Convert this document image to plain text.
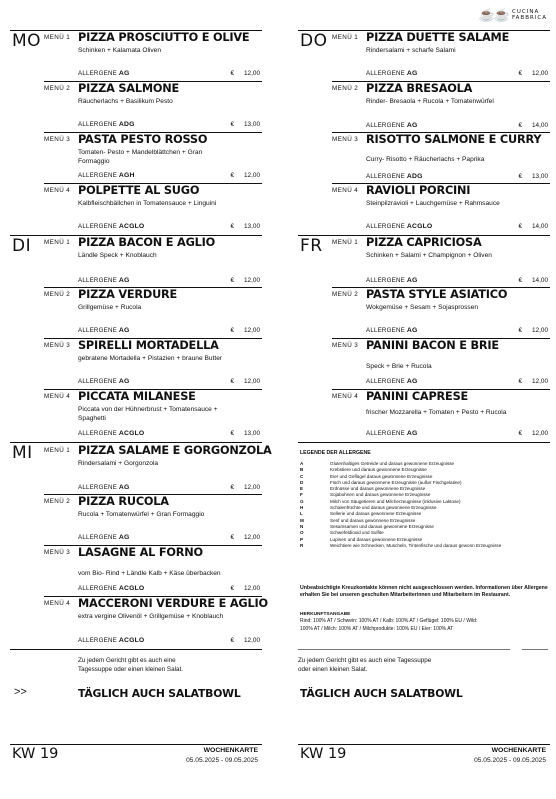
MO MENÜ 1 PIZZA PROSCIUTTO E OLIVE
Schinken + Kalamata Oliven
ALLERGENE AG	€ 12,00
MENÜ 2 PIZZA SALMONE
Räucherlachs + Basilikum Pesto
ALLERGENE ADG	€ 13,00
MENÜ 3 PASTA PESTO ROSSO
Tomaten- Pesto + Mandelblättchen + Gran Formaggio
ALLERGENE AGH	€ 12,00
MENÜ 4 POLPETTE AL SUGO
Kalbfleischbällchen in Tomatensauce + Linguini
ALLERGENE ACGLO	€ 13,00
DI MENÜ 1 PIZZA BACON E AGLIO
Ländle Speck + Knoblauch
ALLERGENE AG	€ 12,00
MENÜ 2 PIZZA VERDURE
Grillgemüse + Rucola
ALLERGENE AG	€ 12,00
MENÜ 3 SPIRELLI MORTADELLA
gebratene Mortadella + Pistazien + braune Butter
ALLERGENE AG	€ 12,00
MENÜ 4 PICCATA MILANESE
Piccata von der Hühnerbrust + Tomatensauce + Spaghetti
ALLERGENE ACGLO	€ 13,00
MI MENÜ 1 PIZZA SALAME E GORGONZOLA
Rindersalami + Gorgonzola
ALLERGENE AG	€ 12,00
MENÜ 2 PIZZA RUCOLA
Rucola + Tomatenwürfel + Gran Formaggio
ALLERGENE AG	€ 12,00
MENÜ 3 LASAGNE AL FORNO
vom Bio- Rind + Ländle Kalb + Käse überbacken
ALLERGENE ACGLO	€ 12,00
MENÜ 4 MACCERONI VERDURE E AGLIO
extra vergine Olivenöl + Grillgemüse + Knoblauch
ALLERGENE ACGLO	€ 12,00
Zu jedem Gericht gibt es auch eine Tagessuppe oder einen kleinen Salat.
>>	TÄGLICH AUCH SALATBOWL
KW 19	WOCHENKARTE
05.05.2025 - 09.05.2025
☕☕ CUCINA FABBRICA
DO MENÜ 1 PIZZA DUETTE SALAME
Rindersalami + scharfe Salami
ALLERGENE AG	€ 12,00
MENÜ 2 PIZZA BRESAOLA
Rinder- Bresaola + Rucola + Tomatenwürfel
ALLERGENE AG	€ 14,00
MENÜ 3 RISOTTO SALMONE E CURRY
Curry- Risotto + Räucherlachs + Paprika
ALLERGENE ADG	€ 13,00
MENÜ 4 RAVIOLI PORCINI
Steinpilzravioli + Lauchgemüse + Rahmsauce
ALLERGENE ACGLO	€ 14,00
FR MENÜ 1 PIZZA CAPRICIOSA
Schinken + Salami + Champignon + Oliven
ALLERGENE AG	€ 14,00
MENÜ 2 PASTA STYLE ASIATICO
Wokgemüse + Sesam + Sojasprossen
ALLERGENE AG	€ 12,00
MENÜ 3 PANINI BACON E BRIE
Speck + Brie + Rucola
ALLERGENE AG	€ 12,00
MENÜ 4 PANINI CAPRESE
frischer Mozzarella + Tomaten + Pesto + Rucola
ALLERGENE AG	€ 12,00
LEGENDE DER ALLERGENE
A	Glutenhaltiges Getreide und daraus gewonnene Erzeugnisse
B	Krebstiere und daraus gewonnene Erzeugnisse
C	Eier und Geflügel daraus gewonnene Erzeugnisse
D	Fisch und daraus gewonnene Erzeugnisse (außer Fischgelatine)
E	Erdnüsse und daraus gewonnene Erzeugnisse
F	Sojabohnen und daraus gewonnene Erzeugnisse
G	Milch von Säugetieren und Milcherzeugnisse (inklusive Laktose)
H	Schalenfrüchte und daraus gewonnene Erzeugnisse
L	Sellerie und daraus gewonnene Erzeugnisse
M	Senf und daraus gewonnene Erzeugnisse
N	Sesamsamen und daraus gewonnene Erzeugnisse
O	Schwefeldioxid und Sulfite
P	Lupinen und daraus gewonnene Erzeugnisse
R	Weichtiere wie Schnecken, Muscheln, Tintenfische und daraus gewonn Erzeugnisse
Unbeabsichtigte Kreuzkontakte können nicht ausgeschlossen werden. Informationen über Allergene erhalten Sie bei unseren geschulten Mitarbeiterinnen und Mitarbeitern im Restaurant.
HERKUNFTSANGABE
Rind: 100% AT / Schwein: 100% AT / Kalb: 100% AT / Geflügel: 100% EU / Wild: 100% AT / Milch: 100% AT / Milchprodukte: 100% EU / Eier: 100% AT
Zu jedem Gericht gibt es auch eine Tagessuppe oder einen kleinen Salat.
TÄGLICH AUCH SALATBOWL
KW 19	WOCHENKARTE
05.05.2025 - 09.05.2025
